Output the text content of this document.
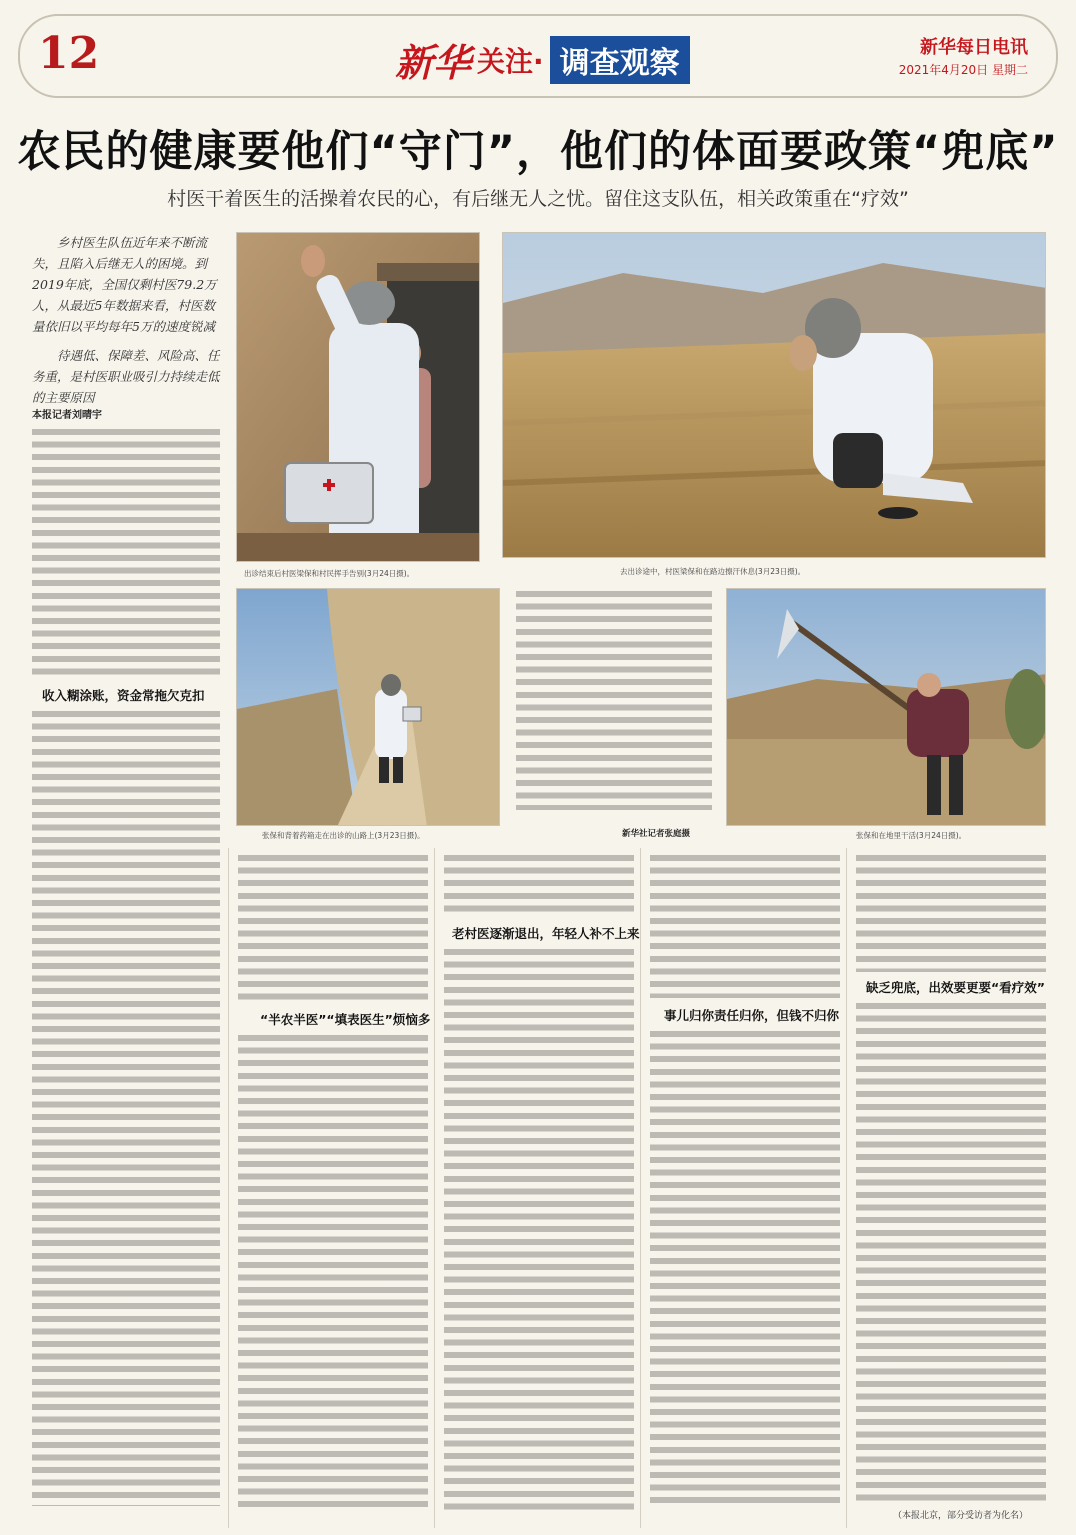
12	新华 关注· 调查观察	新华每日电讯
2021年4月20日 星期二
农民的健康要他们“守门”，他们的体面要政策“兜底”
村医干着医生的活操着农民的心，有后继无人之忧。留住这支队伍，相关政策重在“疗效”

乡村医生队伍近年来不断流失，且陷入后继无人的困境。到2019年底，全国仅剩村医79.2万人，从最近5年数据来看，村医数量依旧以平均每年5万的速度锐减

待遇低、保障差、风险高、任务重，是村医职业吸引力持续走低的主要原因

本报记者刘晴宇
收入糊涂账，资金常拖欠克扣
出诊结束后村医梁保和村民挥手告别(3月24日摄)。	去出诊途中，村医梁保和在路边擦汗休息(3月23日摄)。
张保和背着药箱走在出诊的山路上(3月23日摄)。	新华社记者张庭摄	张保和在地里干活(3月24日摄)。
“半农半医”“填表医生”烦恼多
老村医逐渐退出，年轻人补不上来
事儿归你责任归你，但钱不归你
缺乏兜底，出效要更要“看疗效”
（本报北京，部分受访者为化名）
